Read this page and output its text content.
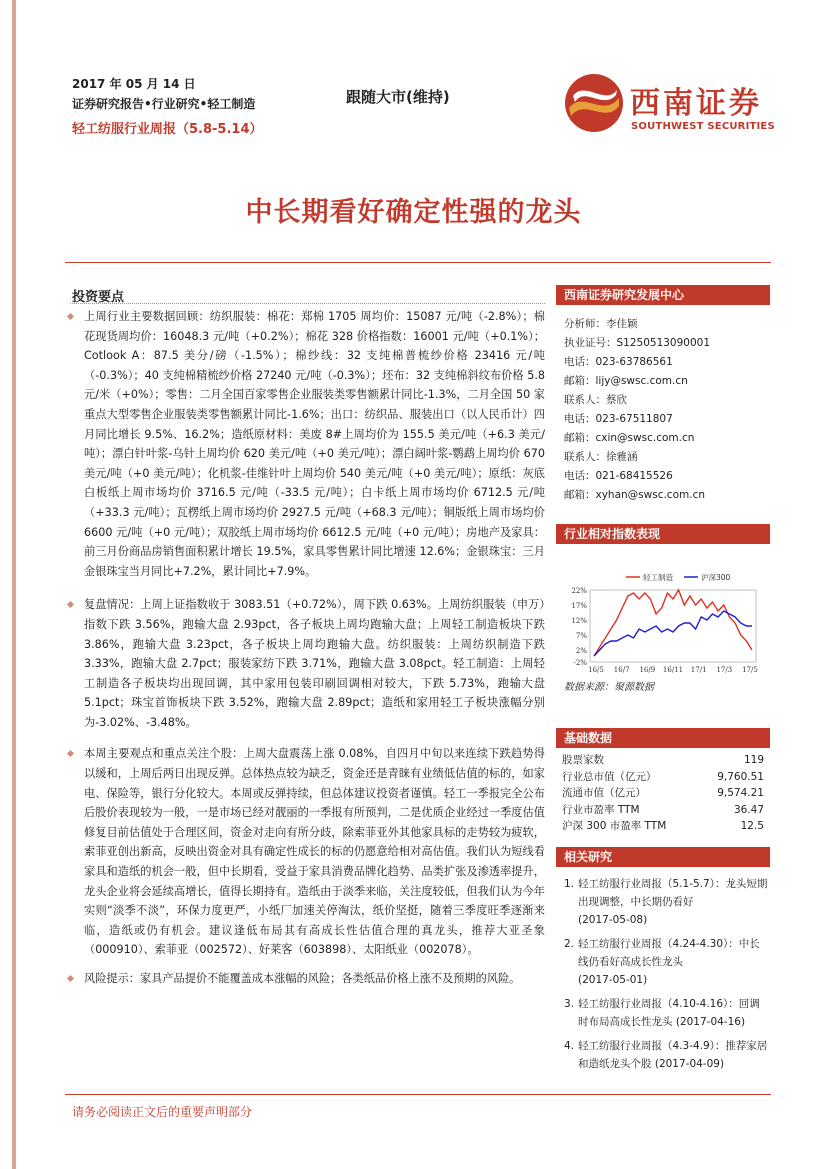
2017 年 05 月 14 日
证券研究报告•行业研究•轻工制造
轻工纺服行业周报（5.8-5.14）
跟随大市(维持)	西南证券
SOUTHWEST SECURITIES
中长期看好确定性强的龙头
投资要点
上周行业主要数据回顾：纺织服装：棉花：郑棉 1705 周均价：15087 元/吨（-2.8%）；棉花现货周均价：16048.3 元/吨（+0.2%）；棉花 328 价格指数：16001 元/吨（+0.1%）；Cotlook A：87.5 美分/磅（-1.5%）；棉纱线：32 支纯棉普梳纱价格 23416 元/吨（-0.3%）；40 支纯棉精梳纱价格 27240 元/吨（-0.3%）；坯布：32 支纯棉斜纹布价格 5.8 元/米（+0%）；零售：二月全国百家零售企业服装类零售额累计同比-1.3%，二月全国 50 家重点大型零售企业服装类零售额累计同比-1.6%；出口：纺织品、服装出口（以人民币计）四月同比增长 9.5%、16.2%；造纸原材料：美废 8#上周均价为 155.5 美元/吨（+6.3 美元/吨）；漂白针叶浆-乌针上周均价 620 美元/吨（+0 美元/吨）；漂白阔叶浆-鹦鹉上周均价 670 美元/吨（+0 美元/吨）；化机浆-佳维针叶上周均价 540 美元/吨（+0 美元/吨）；原纸：灰底白板纸上周市场均价 3716.5 元/吨（-33.5 元/吨）；白卡纸上周市场均价 6712.5 元/吨（+33.3 元/吨）；瓦楞纸上周市场均价 2927.5 元/吨（+68.3 元/吨）；铜版纸上周市场均价 6600 元/吨（+0 元/吨）；双胶纸上周市场均价 6612.5 元/吨（+0 元/吨）；房地产及家具：前三月份商品房销售面积累计增长 19.5%，家具零售累计同比增速 12.6%；金银珠宝：三月金银珠宝当月同比+7.2%，累计同比+7.9%。
复盘情况：上周上证指数收于 3083.51（+0.72%），周下跌 0.63%。上周纺织服装（申万）指数下跌 3.56%，跑输大盘 2.93pct，各子板块上周均跑输大盘；上周轻工制造板块下跌 3.86%，跑输大盘 3.23pct，各子板块上周均跑输大盘。纺织服装：上周纺织制造下跌 3.33%，跑输大盘 2.7pct；服装家纺下跌 3.71%，跑输大盘 3.08pct。轻工制造：上周轻工制造各子板块均出现回调，其中家用包装印刷回调相对较大，下跌 5.73%，跑输大盘 5.1pct；珠宝首饰板块下跌 3.52%，跑输大盘 2.89pct；造纸和家用轻工子板块涨幅分别为-3.02%、-3.48%。
本周主要观点和重点关注个股：上周大盘震荡上涨 0.08%，自四月中旬以来连续下跌趋势得以缓和，上周后两日出现反弹。总体热点较为缺乏，资金还是青睐有业绩低估值的标的，如家电、保险等，银行分化较大。本周或反弹持续，但总体建议投资者谨慎。轻工一季报完全公布后股价表现较为一般，一是市场已经对靓丽的一季报有所预判，二是优质企业经过一季度估值修复目前估值处于合理区间，资金对走向有所分歧，除索菲亚外其他家具标的走势较为疲软，索菲亚创出新高，反映出资金对具有确定性成长的标的仍愿意给相对高估值。我们认为短线看家具和造纸的机会一般，但中长期看，受益于家具消费品牌化趋势、品类扩张及渗透率提升，龙头企业将会延续高增长，值得长期持有。造纸由于淡季来临，关注度较低，但我们认为今年实则“淡季不淡”，环保力度更严，小纸厂加速关停淘汰，纸价坚挺，随着三季度旺季逐渐来临，造纸或仍有机会。建议逢低布局其有高成长性估值合理的真龙头，推荐大亚圣象（000910）、索菲亚（002572）、好莱客（603898）、太阳纸业（002078）。
风险提示：家具产品提价不能覆盖成本涨幅的风险；各类纸品价格上涨不及预期的风险。
西南证券研究发展中心
分析师：李佳颖
执业证号：S1250513090001
电话：023-63786561
邮箱：lijy@swsc.com.cn
联系人：蔡欣
电话：023-67511807
邮箱：cxin@swsc.com.cn
联系人：徐雅涵
电话：021-68415526
邮箱：xyhan@swsc.com.cn
行业相对指数表现
轻工制造	沪深300
22%
17%
12%
7%
2%
-2%
16/5 16/7 16/9 16/11 17/1 17/3 17/5
数据来源：聚源数据
基础数据
股票家数	119
行业总市值（亿元）	9,760.51
流通市值（亿元）	9,574.21
行业市盈率 TTM	36.47
沪深 300 市盈率 TTM	12.5
相关研究
1. 轻工纺服行业周报（5.1-5.7）：龙头短期出现调整，中长期仍看好
(2017-05-08)
2. 轻工纺服行业周报（4.24-4.30）：中长线仍看好高成长性龙头
(2017-05-01)
3. 轻工纺服行业周报（4.10-4.16）：回调时布局高成长性龙头 (2017-04-16)
4. 轻工纺服行业周报（4.3-4.9）：推荐家居和造纸龙头个股 (2017-04-09)
请务必阅读正文后的重要声明部分
